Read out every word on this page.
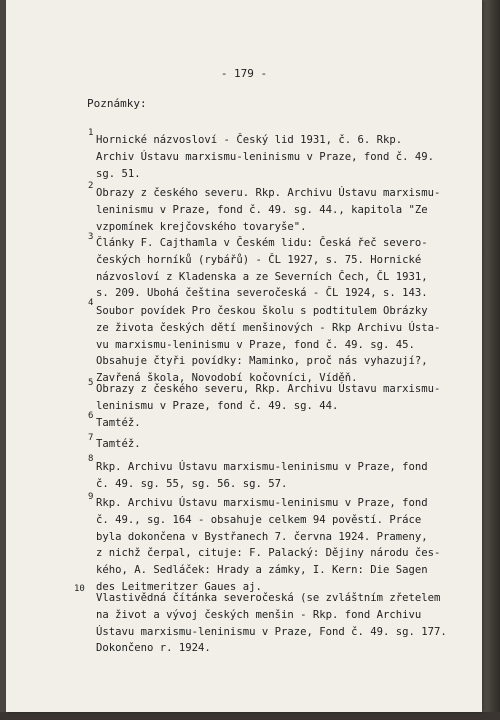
- 179 -
Poznámky:
1
Hornické názvosloví - Český lid 1931, č. 6. Rkp.
Archiv Ústavu marxismu-leninismu v Praze, fond č. 49.
sg. 51.
2
Obrazy z českého severu. Rkp. Archivu Ústavu marxismu-
leninismu v Praze, fond č. 49. sg. 44., kapitola "Ze
vzpomínek krejčovského tovaryše".
3 Články F. Cajthamla v Českém lidu: Česká řeč severo-
českých horníků (rybářů) - ČL 1927, s. 75. Hornické
názvosloví z Kladenska a ze Severních Čech, ČL 1931,
s. 209. Ubohá čeština severočeská - ČL 1924, s. 143.
4
Soubor povídek Pro českou školu s podtitulem Obrázky
ze života českých dětí menšinových - Rkp Archivu Ústa-
vu marxismu-leninismu v Praze, fond č. 49. sg. 45.
Obsahuje čtyři povídky: Maminko, proč nás vyhazují?,
Zavřená škola, Novodobí kočovníci, Víděň.
5 Obrazy z českého severu, Rkp. Archivu Ústavu marxismu-
leninismu v Praze, fond č. 49. sg. 44.
6
Tamtéž.
7 Tamtéž.
8
Rkp. Archivu Ústavu marxismu-leninismu v Praze, fond
č. 49. sg. 55, sg. 56. sg. 57.
9 Rkp. Archivu Ústavu marxismu-leninismu v Praze, fond
č. 49., sg. 164 - obsahuje celkem 94 pověstí. Práce
byla dokončena v Bystřanech 7. června 1924. Prameny,
z nichž čerpal, cituje: F. Palacký: Dějiny národu čes-
kého, A. Sedláček: Hrady a zámky, I. Kern: Die Sagen
des Leitmeritzer Gaues aj.
10
Vlastivědná čítánka severočeská (se zvláštním zřetelem
na život a vývoj českých menšin - Rkp. fond Archivu
Ústavu marxismu-leninismu v Praze, Fond č. 49. sg. 177.
Dokončeno r. 1924.
